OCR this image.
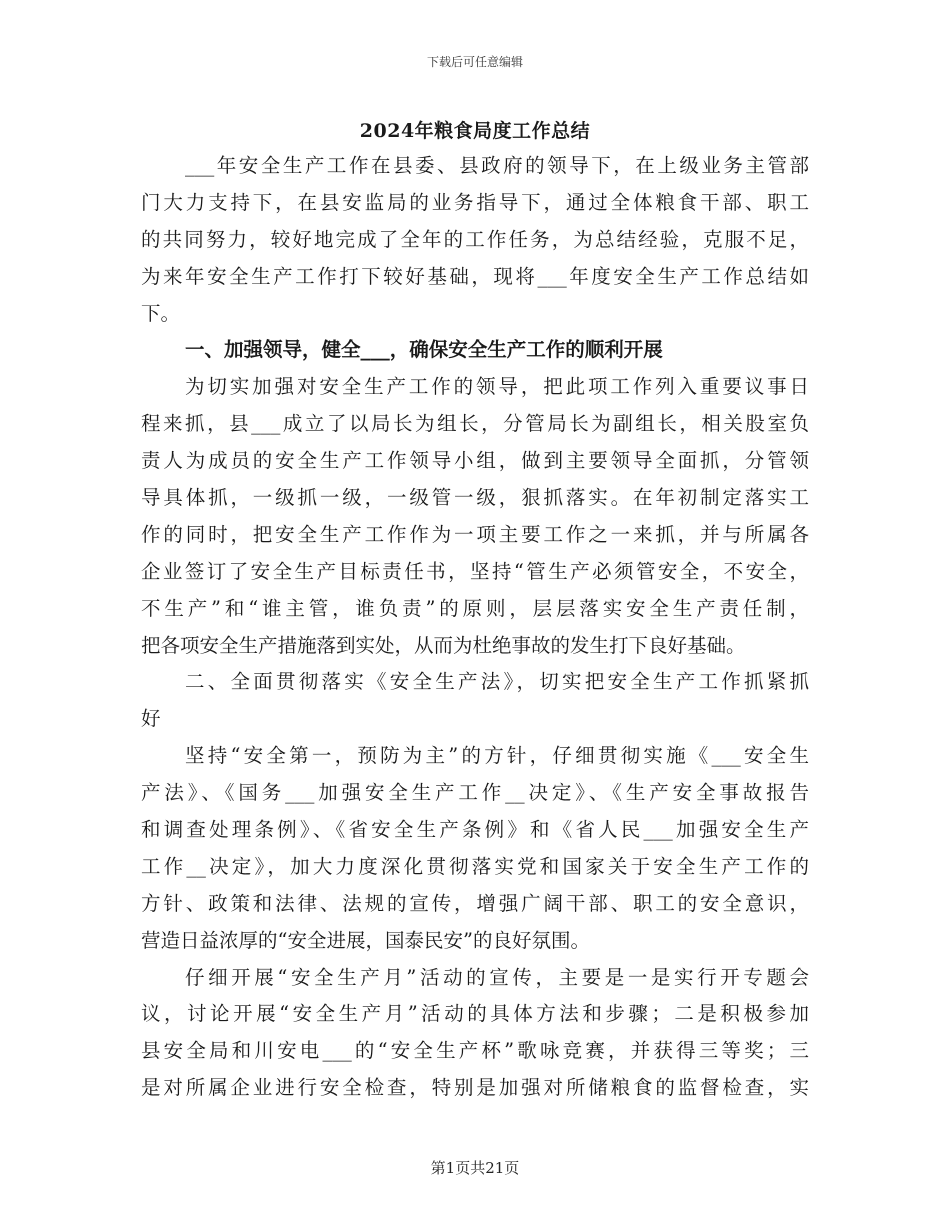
下载后可任意编辑
2024年粮食局度工作总结
___年安全生产工作在县委、县政府的领导下，在上级业务主管部
门大力支持下，在县安监局的业务指导下，通过全体粮食干部、职工
的共同努力，较好地完成了全年的工作任务，为总结经验，克服不足，
为来年安全生产工作打下较好基础，现将___年度安全生产工作总结如
下。
一、加强领导，健全___，确保安全生产工作的顺利开展
为切实加强对安全生产工作的领导，把此项工作列入重要议事日
程来抓，县___成立了以局长为组长，分管局长为副组长，相关股室负
责人为成员的安全生产工作领导小组，做到主要领导全面抓，分管领
导具体抓，一级抓一级，一级管一级，狠抓落实。在年初制定落实工
作的同时，把安全生产工作作为一项主要工作之一来抓，并与所属各
企业签订了安全生产目标责任书，坚持“管生产必须管安全，不安全，
不生产”和“谁主管，谁负责”的原则，层层落实安全生产责任制，
把各项安全生产措施落到实处，从而为杜绝事故的发生打下良好基础。
二、全面贯彻落实《安全生产法》，切实把安全生产工作抓紧抓
好
坚持“安全第一，预防为主”的方针，仔细贯彻实施《___安全生
产法》、《国务___加强安全生产工作__决定》、《生产安全事故报告
和调查处理条例》、《省安全生产条例》和《省人民___加强安全生产
工作__决定》，加大力度深化贯彻落实党和国家关于安全生产工作的
方针、政策和法律、法规的宣传，增强广阔干部、职工的安全意识，
营造日益浓厚的“安全进展，国泰民安”的良好氛围。
仔细开展“安全生产月”活动的宣传，主要是一是实行开专题会
议，讨论开展“安全生产月”活动的具体方法和步骤；二是积极参加
县安全局和川安电___的“安全生产杯”歌咏竞赛，并获得三等奖；三
是对所属企业进行安全检查，特别是加强对所储粮食的监督检查，实
第1页共21页
